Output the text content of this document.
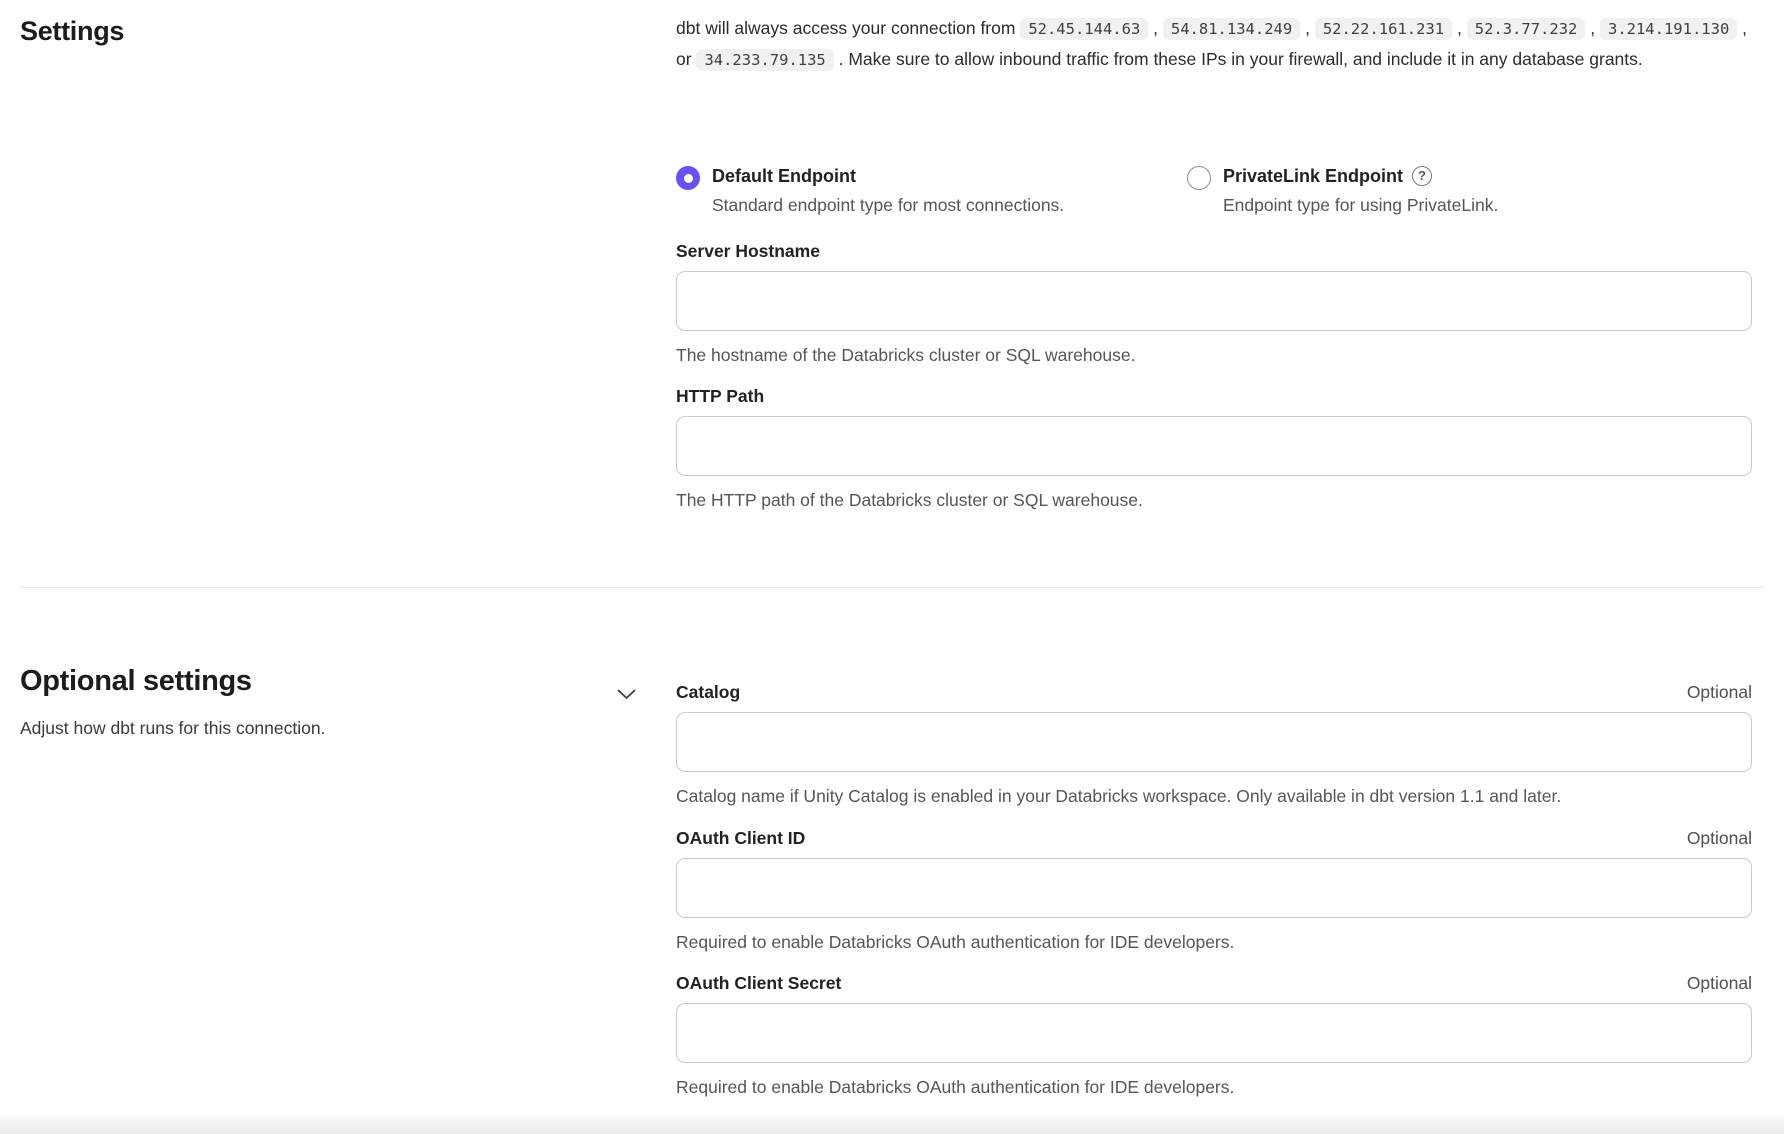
Settings	dbt will always access your connection from 52.45.144.63 , 54.81.134.249 , 52.22.161.231 , 52.3.77.232 , 3.214.191.130 , or 34.233.79.135 . Make sure to allow inbound traffic from these IPs in your firewall, and include it in any database grants.

Default Endpoint
Standard endpoint type for most connections.
PrivateLink Endpoint ?
Endpoint type for using PrivateLink.
Server Hostname
The hostname of the Databricks cluster or SQL warehouse.
HTTP Path
The HTTP path of the Databricks cluster or SQL warehouse.
Optional settings
Adjust how dbt runs for this connection.
Catalog	Optional
Catalog name if Unity Catalog is enabled in your Databricks workspace. Only available in dbt version 1.1 and later.
OAuth Client ID	Optional
Required to enable Databricks OAuth authentication for IDE developers.
OAuth Client Secret	Optional
Required to enable Databricks OAuth authentication for IDE developers.
